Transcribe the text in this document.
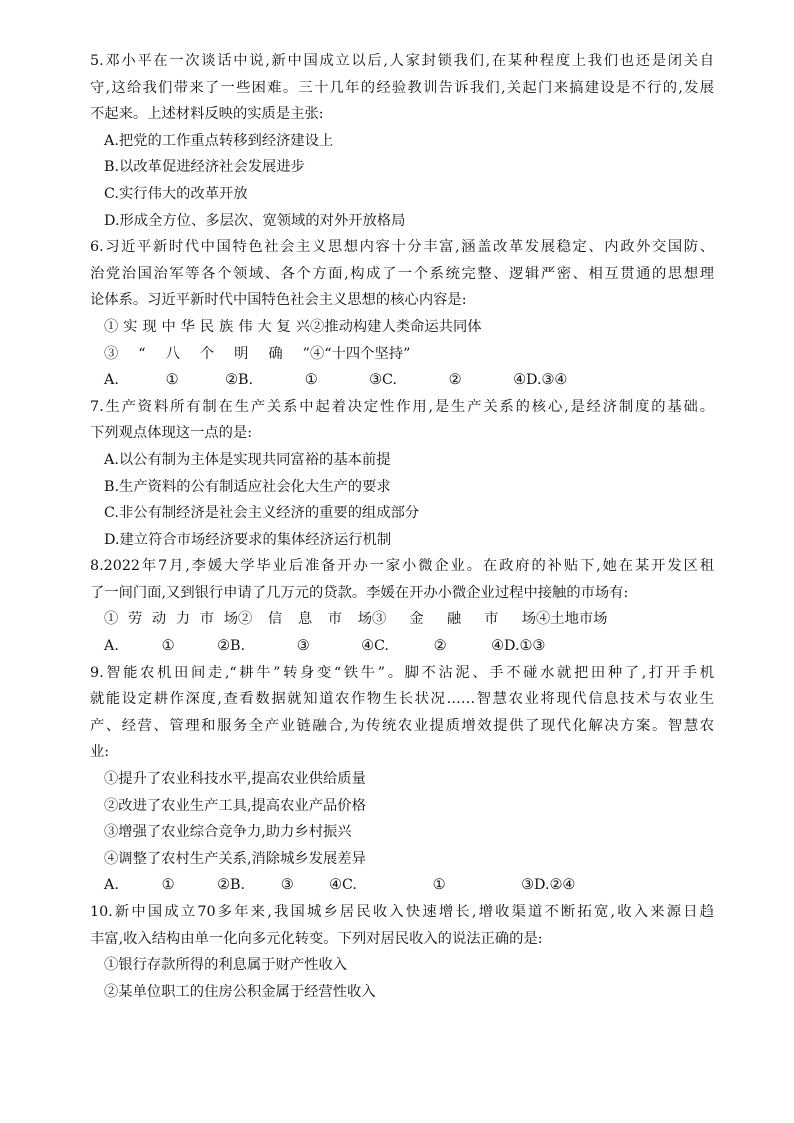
5.邓小平在一次谈话中说,新中国成立以后,人家封锁我们,在某种程度上我们也还是闭关自
守,这给我们带来了一些困难。三十几年的经验教训告诉我们,关起门来搞建设是不行的,发展
不起来。上述材料反映的实质是主张:
A.把党的工作重点转移到经济建设上
B.以改革促进经济社会发展进步
C.实行伟大的改革开放
D.形成全方位、多层次、宽领域的对外开放格局
6.习近平新时代中国特色社会主义思想内容十分丰富,涵盖改革发展稳定、内政外交国防、
治党治国治军等各个领域、各个方面,构成了一个系统完整、逻辑严密、相互贯通的思想理
论体系。习近平新时代中国特色社会主义思想的核心内容是:
①实现中华民族伟大复兴 ②推动构建人类命运共同体
③“八个明确” ④“十四个坚持”
A.①② B.①③ C.②④ D.③④
7.生产资料所有制在生产关系中起着决定性作用,是生产关系的核心,是经济制度的基础。
下列观点体现这一点的是:
A.以公有制为主体是实现共同富裕的基本前提
B.生产资料的公有制适应社会化大生产的要求
C.非公有制经济是社会主义经济的重要的组成部分
D.建立符合市场经济要求的集体经济运行机制
8.2022年7月,李媛大学毕业后准备开办一家小微企业。在政府的补贴下,她在某开发区租
了一间门面,又到银行申请了几万元的贷款。李媛在开办小微企业过程中接触的市场有:
①劳动力市场 ②信息市场 ③金融市场 ④土地市场
A.①② B.③④ C.②④ D.①③
9.智能农机田间走,“耕牛”转身变“铁牛”。脚不沾泥、手不碰水就把田种了,打开手机
就能设定耕作深度,查看数据就知道农作物生长状况……智慧农业将现代信息技术与农业生
产、经营、管理和服务全产业链融合,为传统农业提质增效提供了现代化解决方案。智慧农
业:
①提升了农业科技水平,提高农业供给质量
②改进了农业生产工具,提高农业产品价格
③增强了农业综合竞争力,助力乡村振兴
④调整了农村生产关系,消除城乡发展差异
A.①② B.③④ C.①③ D.②④
10.新中国成立70多年来,我国城乡居民收入快速增长,增收渠道不断拓宽,收入来源日趋
丰富,收入结构由单一化向多元化转变。下列对居民收入的说法正确的是:
①银行存款所得的利息属于财产性收入
②某单位职工的住房公积金属于经营性收入
